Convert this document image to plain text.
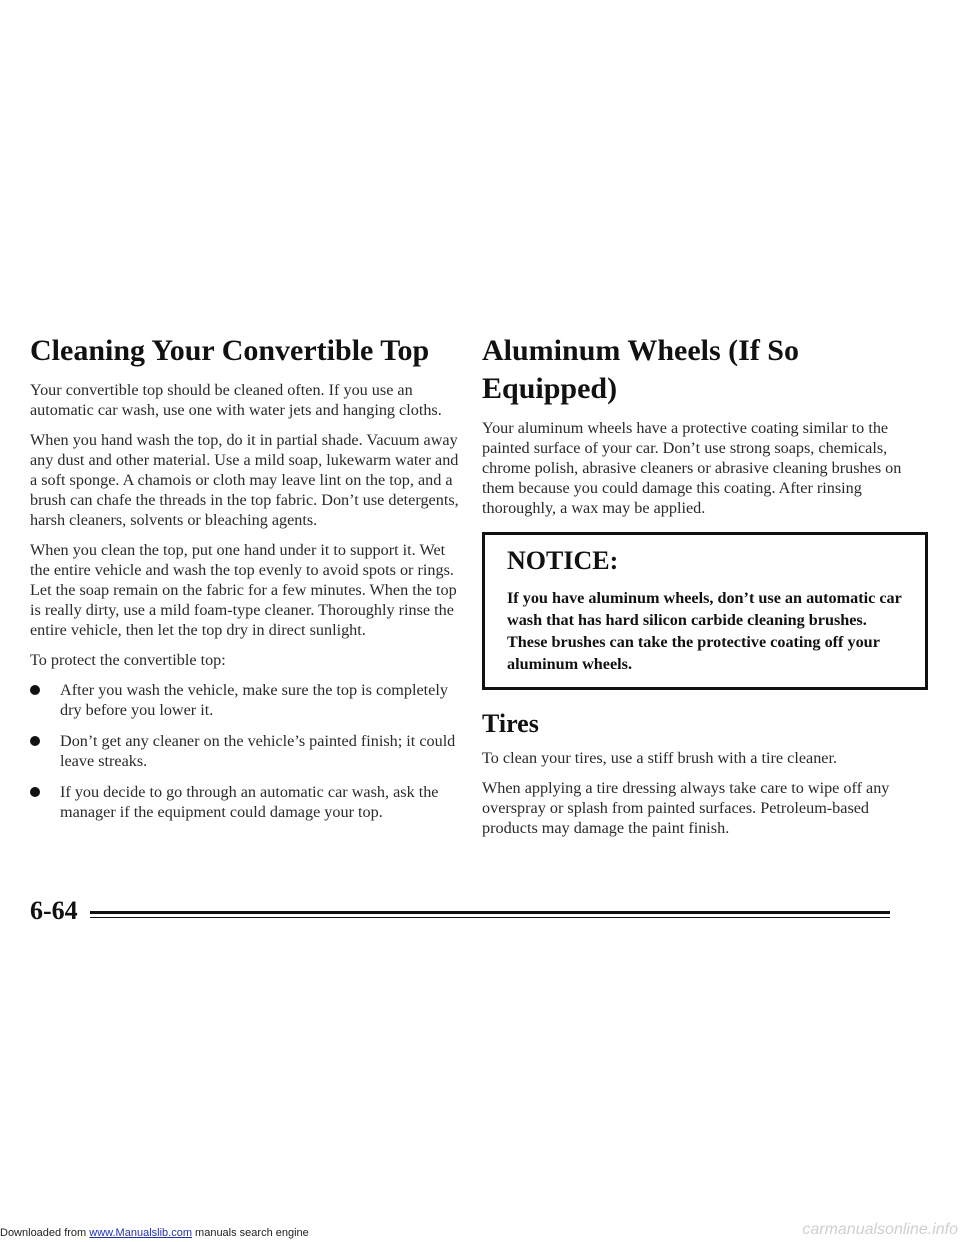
Cleaning Your Convertible Top

Your convertible top should be cleaned often. If you use an automatic car wash, use one with water jets and hanging cloths.

When you hand wash the top, do it in partial shade. Vacuum away any dust and other material. Use a mild soap, lukewarm water and a soft sponge. A chamois or cloth may leave lint on the top, and a brush can chafe the threads in the top fabric. Don’t use detergents, harsh cleaners, solvents or bleaching agents.

When you clean the top, put one hand under it to support it. Wet the entire vehicle and wash the top evenly to avoid spots or rings. Let the soap remain on the fabric for a few minutes. When the top is really dirty, use a mild foam-type cleaner. Thoroughly rinse the entire vehicle, then let the top dry in direct sunlight.

To protect the convertible top:

After you wash the vehicle, make sure the top is completely dry before you lower it.
Don’t get any cleaner on the vehicle’s painted finish; it could leave streaks.
If you decide to go through an automatic car wash, ask the manager if the equipment could damage your top.
Aluminum Wheels (If So Equipped)

Your aluminum wheels have a protective coating similar to the painted surface of your car. Don’t use strong soaps, chemicals, chrome polish, abrasive cleaners or abrasive cleaning brushes on them because you could damage this coating. After rinsing thoroughly, a wax may be applied.

NOTICE:

If you have aluminum wheels, don’t use an automatic car wash that has hard silicon carbide cleaning brushes. These brushes can take the protective coating off your aluminum wheels.

Tires

To clean your tires, use a stiff brush with a tire cleaner.

When applying a tire dressing always take care to wipe off any overspray or splash from painted surfaces. Petroleum-based products may damage the paint finish.

6-64
Downloaded from www.Manualslib.com manuals search engine	carmanualsonline.info
